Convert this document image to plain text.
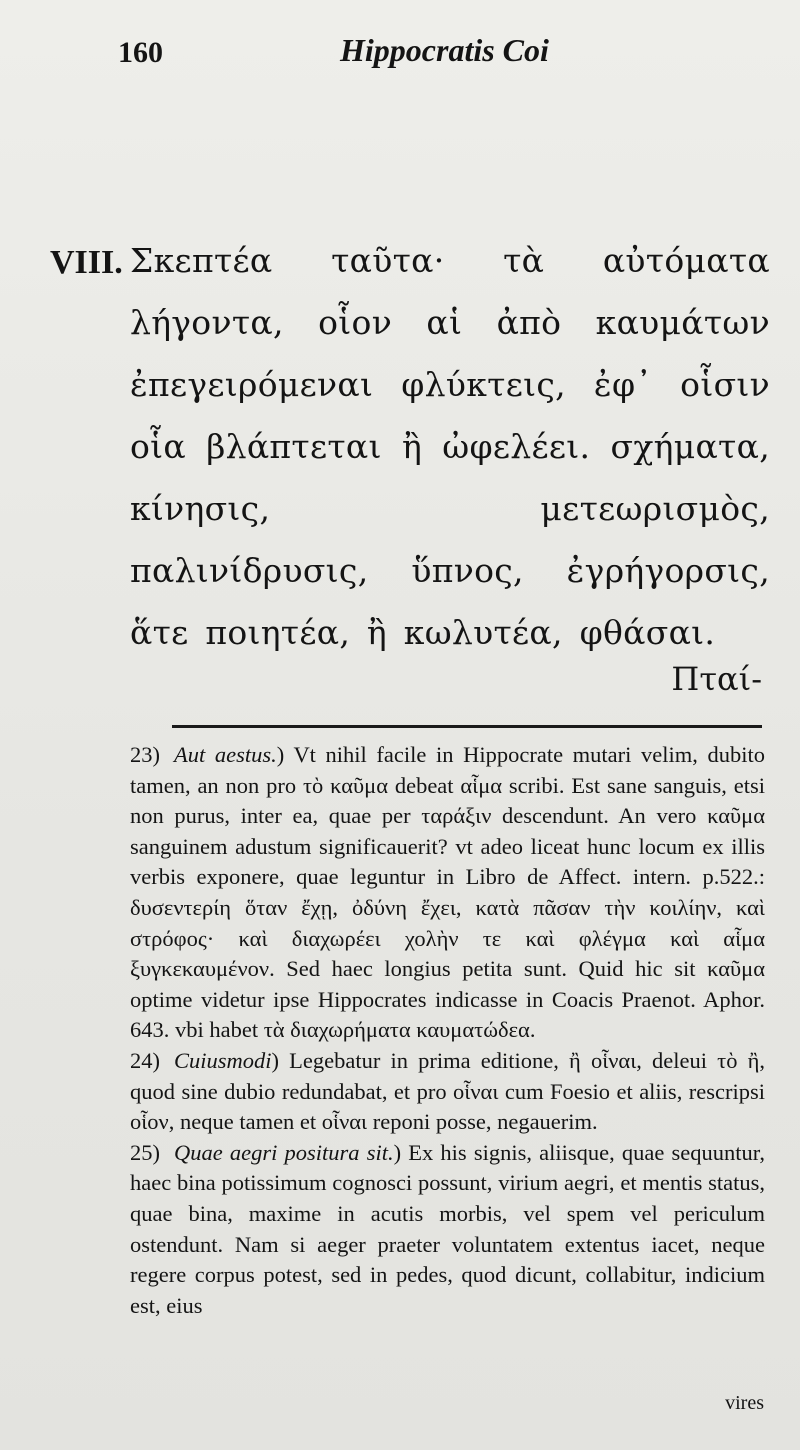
160	Hippocratis Coi
VIII. Σκεπτέα ταῦτα· τὰ αὐτόματα λήγοντα, οἷον αἱ ἀπὸ καυμάτων ἐπεγειρόμεναι φλύκτεις, ἐφ᾽ οἷσιν οἷα βλάπτεται ἢ ὠφελέει. σχήματα, κίνησις, μετεωρισμὸς, παλινίδρυσις, ὕπνος, ἐγρήγορσις, ἅτε ποιητέα, ἢ κωλυτέα, φθάσαι.
Πταί-

23) Aut aestus.) Vt nihil facile in Hippocrate mutari velim, dubito tamen, an non pro τὸ καῦμα debeat αἷμα scribi. Est sane sanguis, etsi non purus, inter ea, quae per ταράξιν descendunt. An vero καῦμα sanguinem adustum significauerit? vt adeo liceat hunc locum ex illis verbis exponere, quae leguntur in Libro de Affect. intern. p.522.: δυσεντερίη ὅταν ἔχῃ, ὀδύνη ἔχει, κατὰ πᾶσαν τὴν κοιλίην, καὶ στρόφος· καὶ διαχωρέει χολὴν τε καὶ φλέγμα καὶ αἷμα ξυγκεκαυμένον. Sed haec longius petita sunt. Quid hic sit καῦμα optime videtur ipse Hippocrates indicasse in Coacis Praenot. Aphor. 643. vbi habet τὰ διαχωρήματα καυματώδεα.

24) Cuiusmodi) Legebatur in prima editione, ἢ οἷναι, deleui τὸ ἢ, quod sine dubio redundabat, et pro οἷναι cum Foesio et aliis, rescripsi οἷον, neque tamen et οἷναι reponi posse, negauerim.

25) Quae aegri positura sit.) Ex his signis, aliisque, quae sequuntur, haec bina potissimum cognosci possunt, virium aegri, et mentis status, quae bina, maxime in acutis morbis, vel spem vel periculum ostendunt. Nam si aeger praeter voluntatem extentus iacet, neque regere corpus potest, sed in pedes, quod dicunt, collabitur, indicium est, eius

vires
